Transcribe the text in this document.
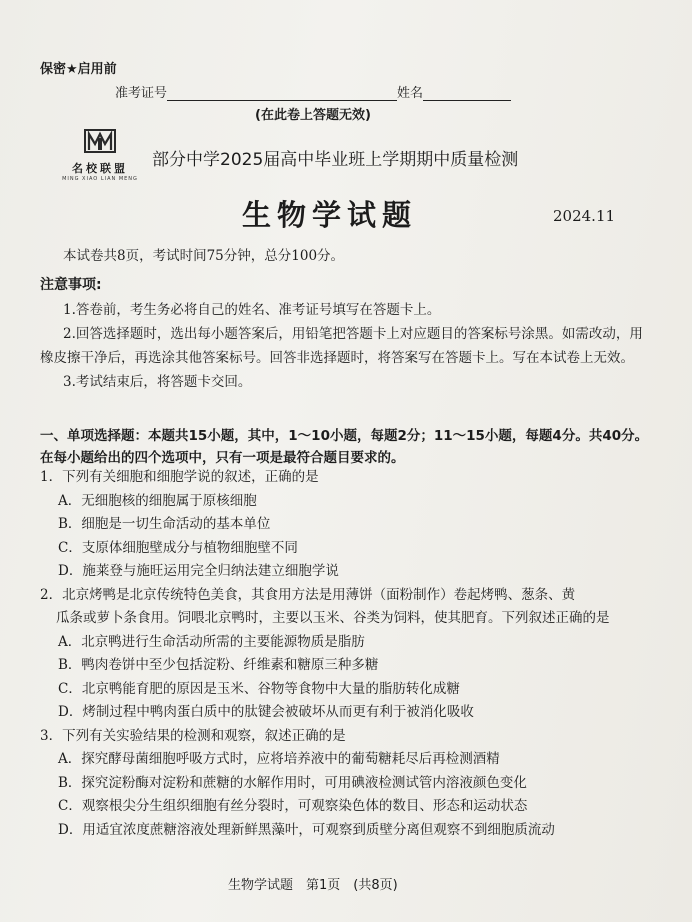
保密★启用前
准考证号	姓名
(在此卷上答题无效)
名校联盟
MING XIAO LIAN MENG
部分中学2025届高中毕业班上学期期中质量检测
生物学试题	2024.11
本试卷共8页，考试时间75分钟，总分100分。
注意事项:

1.答卷前，考生务必将自己的姓名、准考证号填写在答题卡上。

2.回答选择题时，选出每小题答案后，用铅笔把答题卡上对应题目的答案标号涂黑。如需改动，用橡皮擦干净后，再选涂其他答案标号。回答非选择题时，将答案写在答题卡上。写在本试卷上无效。

3.考试结束后，将答题卡交回。

一、单项选择题：本题共15小题，其中，1～10小题，每题2分；11～15小题，每题4分。共40分。在每小题给出的四个选项中，只有一项是最符合题目要求的。

1．下列有关细胞和细胞学说的叙述，正确的是

A．无细胞核的细胞属于原核细胞

B．细胞是一切生命活动的基本单位

C．支原体细胞壁成分与植物细胞壁不同

D．施莱登与施旺运用完全归纳法建立细胞学说

2．北京烤鸭是北京传统特色美食，其食用方法是用薄饼（面粉制作）卷起烤鸭、葱条、黄

瓜条或萝卜条食用。饲喂北京鸭时，主要以玉米、谷类为饲料，使其肥育。下列叙述正确的是

A．北京鸭进行生命活动所需的主要能源物质是脂肪

B．鸭肉卷饼中至少包括淀粉、纤维素和糖原三种多糖

C．北京鸭能育肥的原因是玉米、谷物等食物中大量的脂肪转化成糖

D．烤制过程中鸭肉蛋白质中的肽键会被破坏从而更有利于被消化吸收

3．下列有关实验结果的检测和观察，叙述正确的是

A．探究酵母菌细胞呼吸方式时，应将培养液中的葡萄糖耗尽后再检测酒精

B．探究淀粉酶对淀粉和蔗糖的水解作用时，可用碘液检测试管内溶液颜色变化

C．观察根尖分生组织细胞有丝分裂时，可观察染色体的数目、形态和运动状态

D．用适宜浓度蔗糖溶液处理新鲜黑藻叶，可观察到质壁分离但观察不到细胞质流动

生物学试题　第1页　(共8页)
